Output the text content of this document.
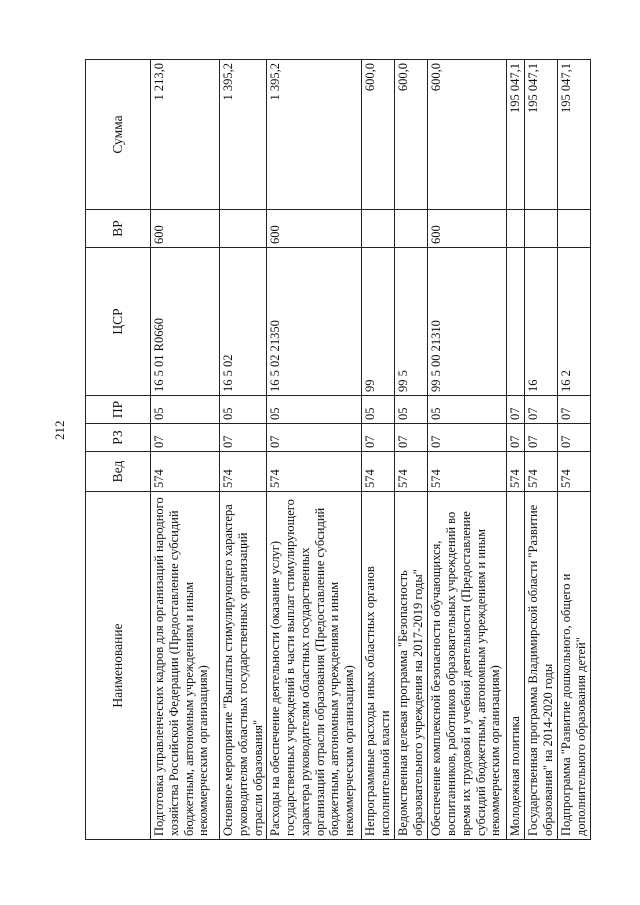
212
Наименование	Вед	РЗ	ПР	ЦСР	ВР	Сумма
Подготовка управленческих кадров для организаций народного хозяйства Российской Федерации (Предоставление субсидий бюджетным, автономным учреждениям и иным некоммерческим организациям)	574	07	05	16 5 01 R0660	600	1 213,0
Основное мероприятие "Выплаты стимулирующего характера руководителям областных государственных организаций отрасли образования"	574	07	05	16 5 02		1 395,2
Расходы на обеспечение деятельности (оказание услуг) государственных учреждений в части выплат стимулирующего характера руководителям областных государственных организаций отрасли образования (Предоставление субсидий бюджетным, автономным учреждениям и иным некоммерческим организациям)	574	07	05	16 5 02 21350	600	1 395,2
Непрограммные расходы иных областных органов исполнительной власти	574	07	05	99		600,0
Ведомственная целевая программа "Безопасность образовательного учреждения на 2017-2019 годы"	574	07	05	99 5		600,0
Обеспечение комплексной безопасности обучающихся, воспитанников, работников образовательных учреждений во время их трудовой и учебной деятельности (Предоставление субсидий бюджетным, автономным учреждениям и иным некоммерческим организациям)	574	07	05	99 5 00 21310	600	600,0
Молодежная политика	574	07	07			195 047,1
Государственная программа Владимирской области "Развитие образования" на 2014-2020 годы	574	07	07	16		195 047,1
Подпрограмма "Развитие дошкольного, общего и дополнительного образования детей"	574	07	07	16 2		195 047,1
